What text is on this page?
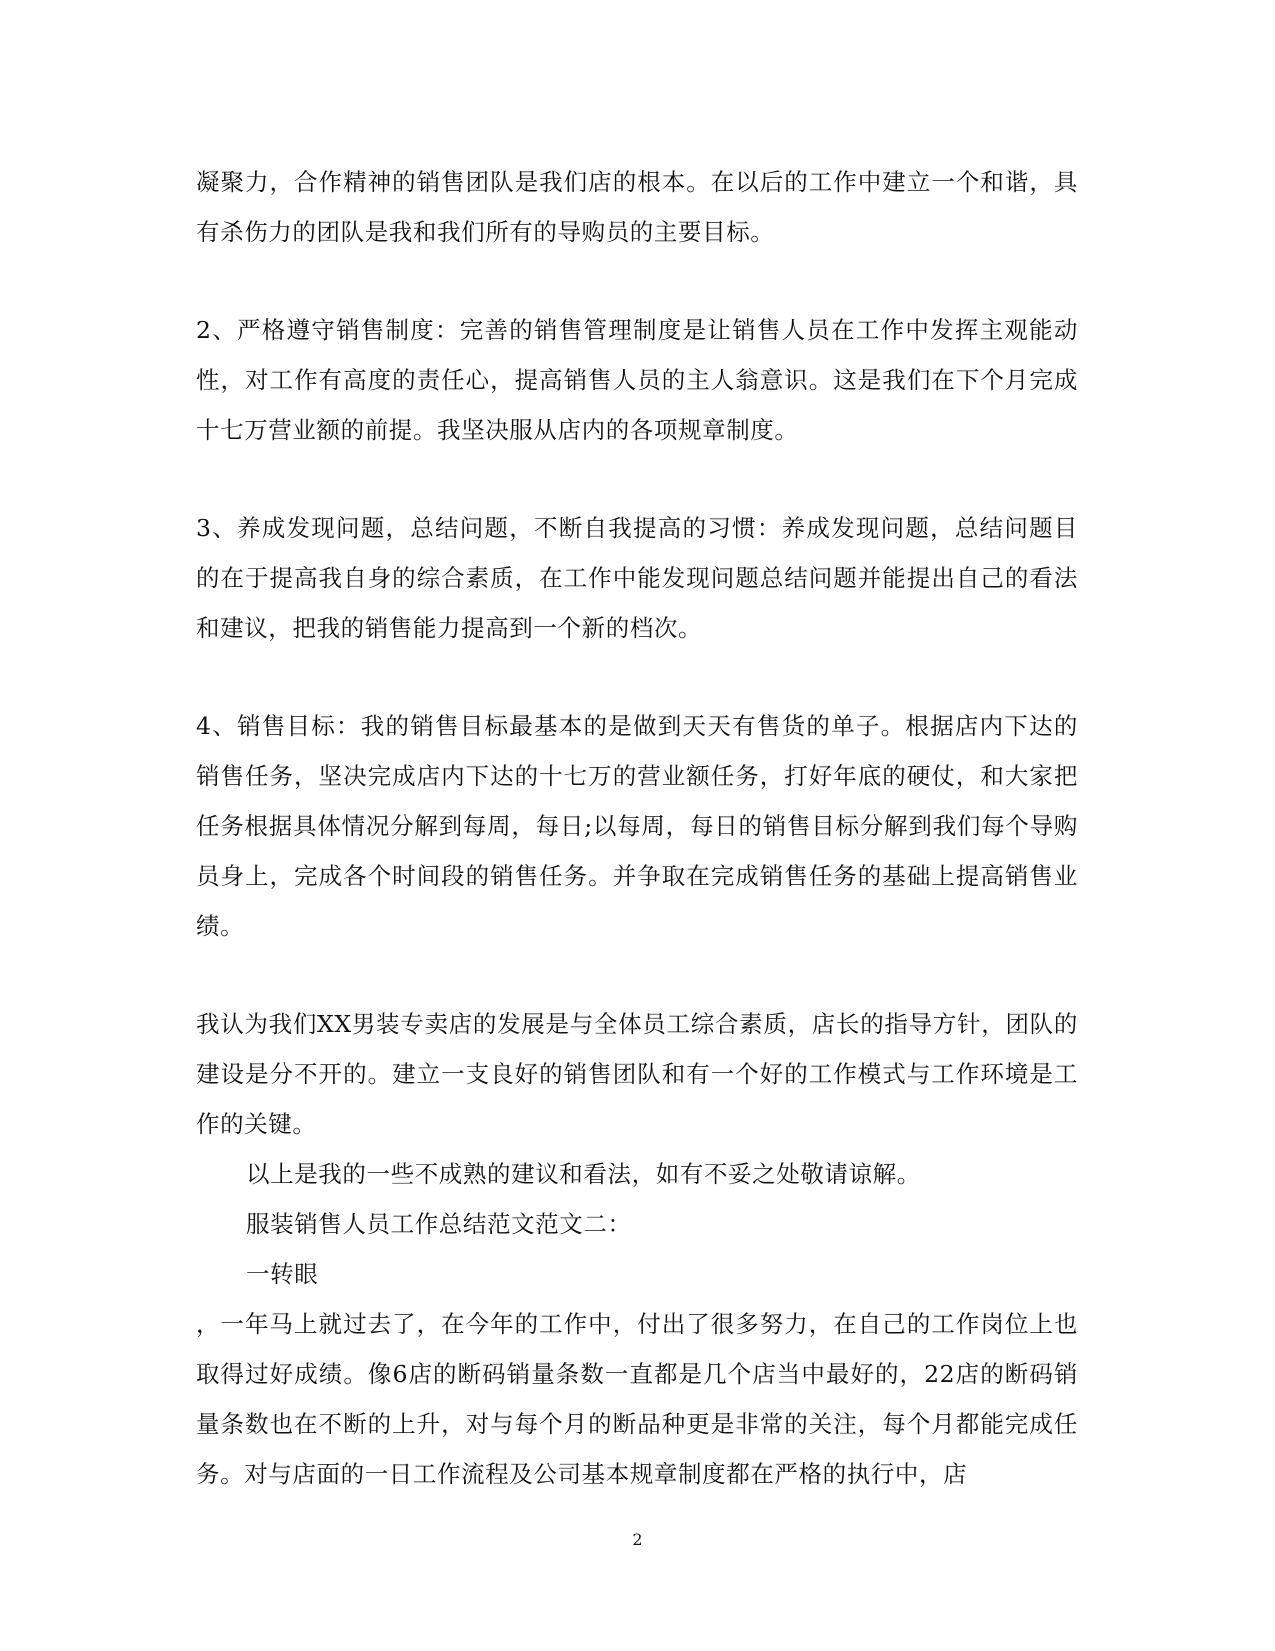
凝聚力，合作精神的销售团队是我们店的根本。在以后的工作中建立一个和谐，具有杀伤力的团队是我和我们所有的导购员的主要目标。

2、严格遵守销售制度：完善的销售管理制度是让销售人员在工作中发挥主观能动性，对工作有高度的责任心，提高销售人员的主人翁意识。这是我们在下个月完成十七万营业额的前提。我坚决服从店内的各项规章制度。

3、养成发现问题，总结问题，不断自我提高的习惯：养成发现问题，总结问题目的在于提高我自身的综合素质，在工作中能发现问题总结问题并能提出自己的看法和建议，把我的销售能力提高到一个新的档次。

4、销售目标：我的销售目标最基本的是做到天天有售货的单子。根据店内下达的销售任务，坚决完成店内下达的十七万的营业额任务，打好年底的硬仗，和大家把任务根据具体情况分解到每周，每日;以每周，每日的销售目标分解到我们每个导购员身上，完成各个时间段的销售任务。并争取在完成销售任务的基础上提高销售业绩。

我认为我们XX男装专卖店的发展是与全体员工综合素质，店长的指导方针，团队的建设是分不开的。建立一支良好的销售团队和有一个好的工作模式与工作环境是工作的关键。

以上是我的一些不成熟的建议和看法，如有不妥之处敬请谅解。

服装销售人员工作总结范文范文二：

一转眼

，一年马上就过去了，在今年的工作中，付出了很多努力，在自己的工作岗位上也取得过好成绩。像6店的断码销量条数一直都是几个店当中最好的，22店的断码销量条数也在不断的上升，对与每个月的断品种更是非常的关注，每个月都能完成任务。对与店面的一日工作流程及公司基本规章制度都在严格的执行中，店

2
